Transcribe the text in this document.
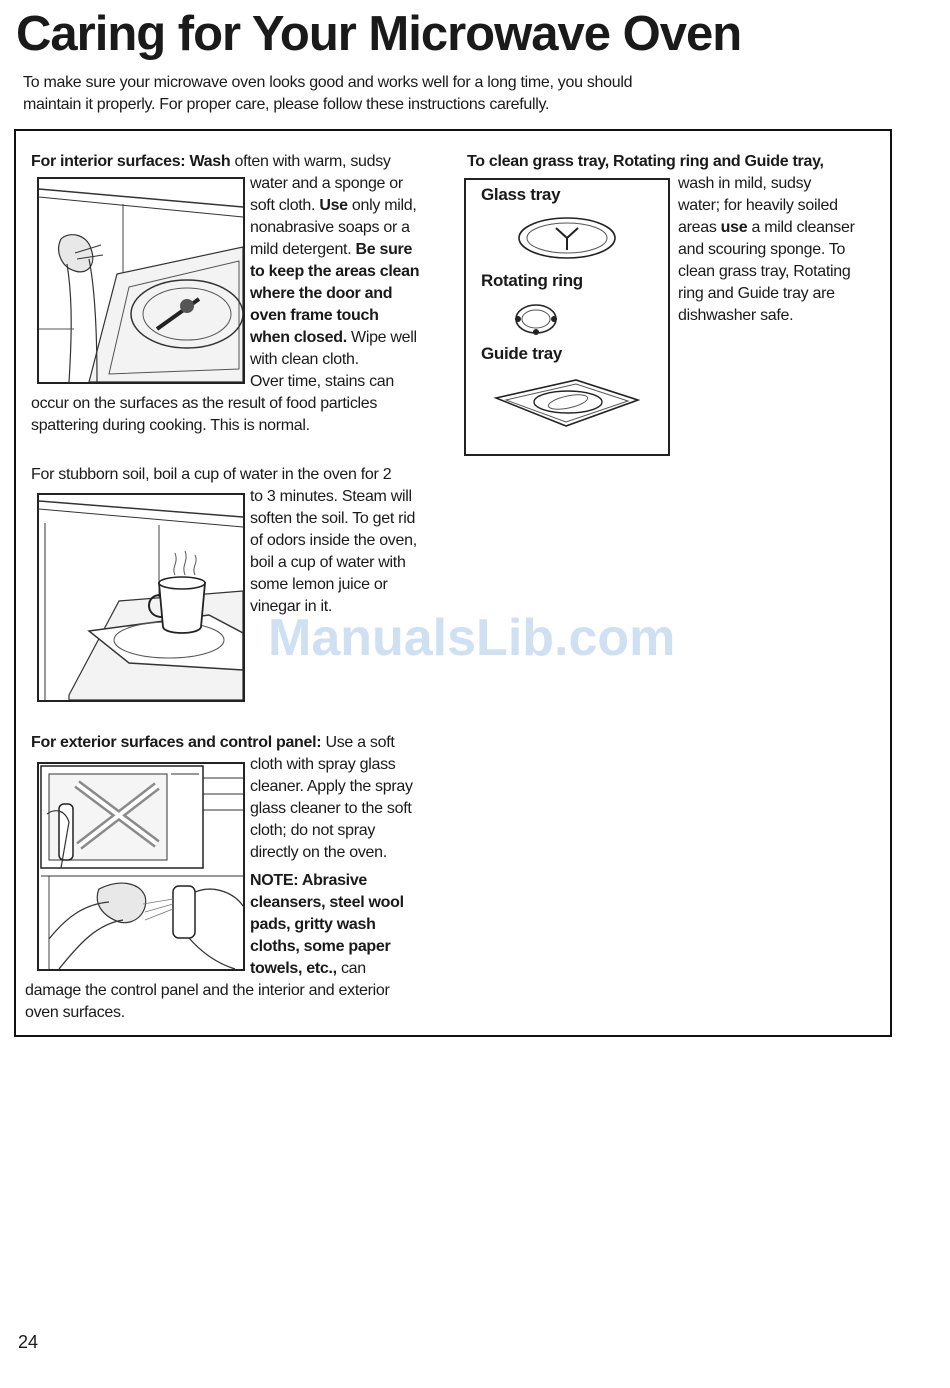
Caring for Your Microwave Oven
To make sure your microwave oven looks good and works well for a long time, you should
maintain it properly. For proper care, please follow these instructions carefully.
For interior surfaces: Wash often with warm, sudsy
water and a sponge or
soft cloth. Use only mild,
nonabrasive soaps or a
mild detergent. Be sure
to keep the areas clean
where the door and
oven frame touch
when closed. Wipe well
with clean cloth.
Over time, stains can
occur on the surfaces as the result of food particles
spattering during cooking. This is normal.
For stubborn soil, boil a cup of water in the oven for 2
to 3 minutes. Steam will
soften the soil. To get rid
of odors inside the oven,
boil a cup of water with
some lemon juice or
vinegar in it.
For exterior surfaces and control panel: Use a soft
cloth with spray glass
cleaner. Apply the spray
glass cleaner to the soft
cloth; do not spray
directly on the oven.
NOTE: Abrasive
cleansers, steel wool
pads, gritty wash
cloths, some paper
towels, etc., can
damage the control panel and the interior and exterior
oven surfaces.
To clean grass tray, Rotating ring and Guide tray,
Glass tray
Rotating ring
Guide tray
wash in mild, sudsy
water; for heavily soiled
areas use a mild cleanser
and scouring sponge. To
clean grass tray, Rotating
ring and Guide tray are
dishwasher safe.
ManualsLib.com
24
